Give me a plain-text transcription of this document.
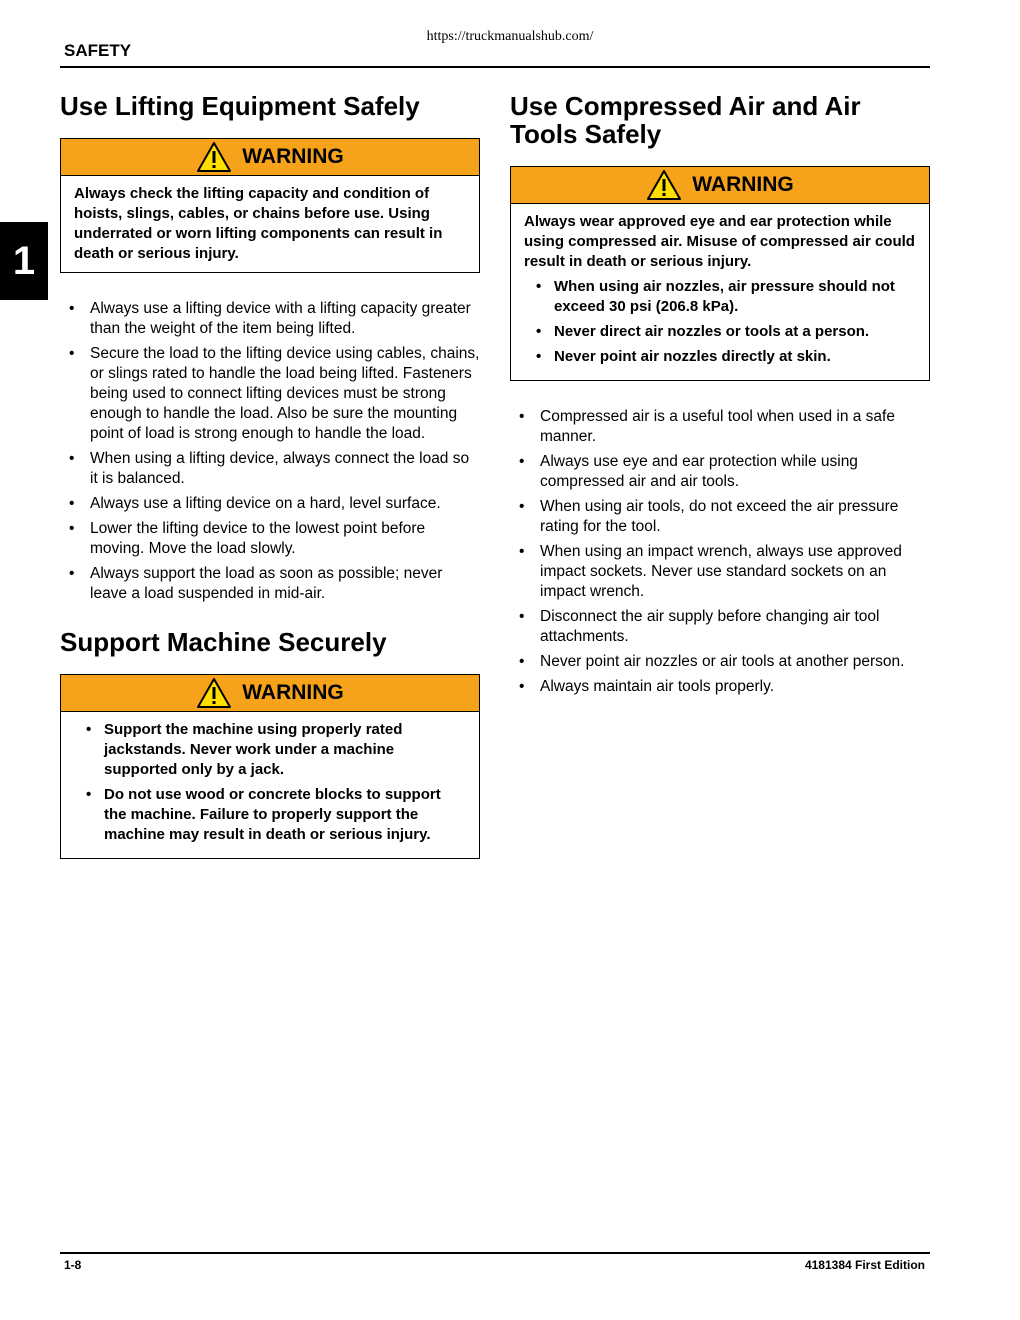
https://truckmanualshub.com/
SAFETY
1
Use Lifting Equipment Safely
WARNING

Always check the lifting capacity and condition of hoists, slings, cables, or chains before use. Using underrated or worn lifting components can result in death or serious injury.

• Always use a lifting device with a lifting capacity greater than the weight of the item being lifted.
• Secure the load to the lifting device using cables, chains, or slings rated to handle the load being lifted. Fasteners being used to connect lifting devices must be strong enough to handle the load. Also be sure the mounting point of load is strong enough to handle the load.
• When using a lifting device, always connect the load so it is balanced.
• Always use a lifting device on a hard, level surface.
• Lower the lifting device to the lowest point before moving. Move the load slowly.
• Always support the load as soon as possible; never leave a load suspended in mid-air.
Support Machine Securely
WARNING
• Support the machine using properly rated jackstands. Never work under a machine supported only by a jack.
• Do not use wood or concrete blocks to support the machine. Failure to properly support the machine may result in death or serious injury.
Use Compressed Air and Air Tools Safely
WARNING

Always wear approved eye and ear protection while using compressed air. Misuse of compressed air could result in death or serious injury.

• When using air nozzles, air pressure should not exceed 30 psi (206.8 kPa).
• Never direct air nozzles or tools at a person.
• Never point air nozzles directly at skin.
• Compressed air is a useful tool when used in a safe manner.
• Always use eye and ear protection while using compressed air and air tools.
• When using air tools, do not exceed the air pressure rating for the tool.
• When using an impact wrench, always use approved impact sockets. Never use standard sockets on an impact wrench.
• Disconnect the air supply before changing air tool attachments.
• Never point air nozzles or air tools at another person.
• Always maintain air tools properly.
1-8	4181384 First Edition
